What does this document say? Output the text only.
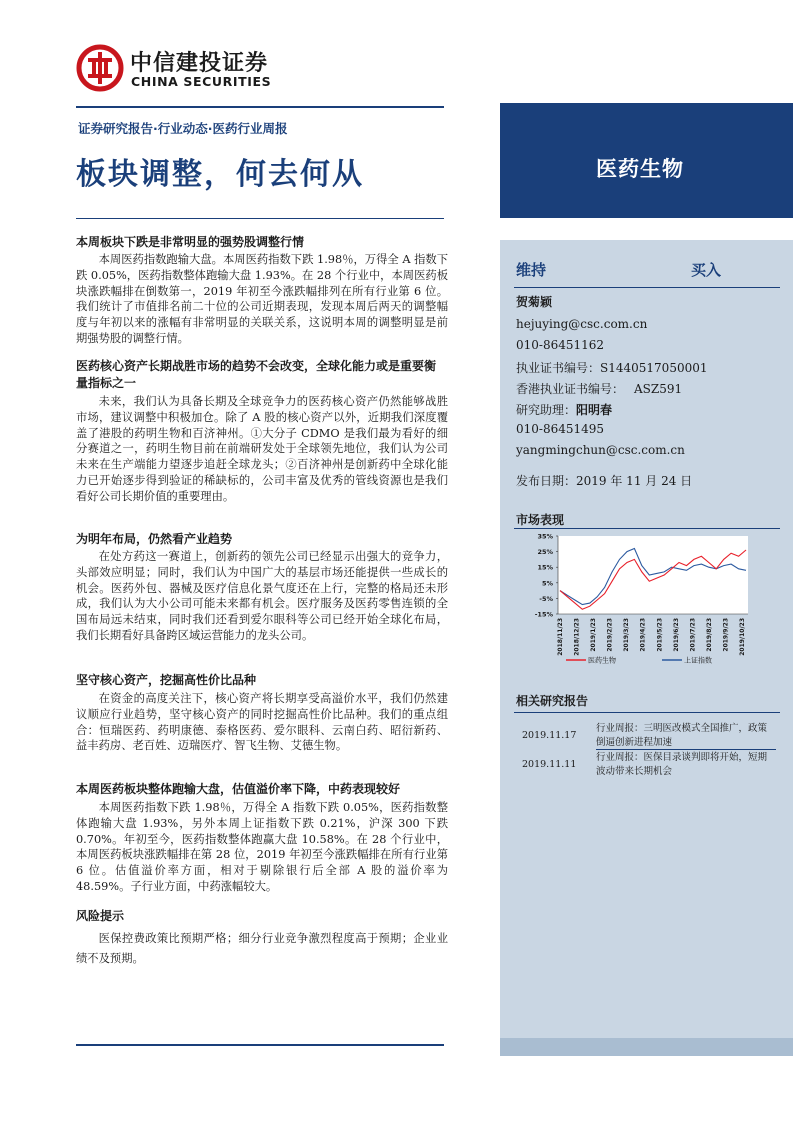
中信建投证券
CHINA SECURITIES
证券研究报告·行业动态·医药行业周报
板块调整，何去何从	医药生物
维持	买入
贺菊颖
hejuying@csc.com.cn
010-86451162
执业证书编号：S1440517050001
香港执业证书编号： ASZ591
研究助理：阳明春
010-86451495
yangmingchun@csc.com.cn
发布日期：2019 年 11 月 24 日
市场表现
35%
25%
15%
5%
-5%
-15%
2018/11/23 2018/12/23 2019/1/23 2019/2/23 2019/3/23 2019/4/23 2019/5/23 2019/6/23 2019/7/23 2019/8/23 2019/9/23 2019/10/23
医药生物	上证指数
相关研究报告
2019.11.17
行业周报：三明医改模式全国推广，政策倒逼创新进程加速
2019.11.11
行业周报：医保目录谈判即将开始，短期波动带来长期机会
本周板块下跌是非常明显的强势股调整行情
本周医药指数跑输大盘。本周医药指数下跌 1.98％，万得全 A 指数下跌 0.05%，医药指数整体跑输大盘 1.93%。在 28 个行业中，本周医药板块涨跌幅排在倒数第一，2019 年初至今涨跌幅排列在所有行业第 6 位。我们统计了市值排名前二十位的公司近期表现，发现本周后两天的调整幅度与年初以来的涨幅有非常明显的关联关系，这说明本周的调整明显是前期强势股的调整行情。
医药核心资产长期战胜市场的趋势不会改变，全球化能力或是重要衡量指标之一
未来，我们认为具备长期及全球竞争力的医药核心资产仍然能够战胜市场，建议调整中积极加仓。除了 A 股的核心资产以外，近期我们深度覆盖了港股的药明生物和百济神州。①大分子 CDMO 是我们最为看好的细分赛道之一，药明生物目前在前端研发处于全球领先地位，我们认为公司未来在生产端能力望逐步追赶全球龙头；②百济神州是创新药中全球化能力已开始逐步得到验证的稀缺标的，公司丰富及优秀的管线资源也是我们看好公司长期价值的重要理由。
为明年布局，仍然看产业趋势
在处方药这一赛道上，创新药的领先公司已经显示出强大的竞争力，头部效应明显；同时，我们认为中国广大的基层市场还能提供一些成长的机会。医药外包、器械及医疗信息化景气度还在上行，完整的格局还未形成，我们认为大小公司可能未来都有机会。医疗服务及医药零售连锁的全国布局远未结束，同时我们还看到爱尔眼科等公司已经开始全球化布局，我们长期看好具备跨区域运营能力的龙头公司。
坚守核心资产，挖掘高性价比品种
在资金的高度关注下，核心资产将长期享受高溢价水平，我们仍然建议顺应行业趋势，坚守核心资产的同时挖掘高性价比品种。我们的重点组合：恒瑞医药、药明康德、泰格医药、爱尔眼科、云南白药、昭衍新药、益丰药房、老百姓、迈瑞医疗、智飞生物、艾德生物。
本周医药板块整体跑输大盘，估值溢价率下降，中药表现较好
本周医药指数下跌 1.98％，万得全 A 指数下跌 0.05%，医药指数整体跑输大盘 1.93%，另外本周上证指数下跌 0.21%，沪深 300 下跌 0.70%。年初至今，医药指数整体跑赢大盘 10.58%。在 28 个行业中，本周医药板块涨跌幅排在第 28 位，2019 年初至今涨跌幅排在所有行业第 6 位。估值溢价率方面，相对于剔除银行后全部 A 股的溢价率为 48.59%。子行业方面，中药涨幅较大。
风险提示
医保控费政策比预期严格；细分行业竞争激烈程度高于预期；企业业绩不及预期。
